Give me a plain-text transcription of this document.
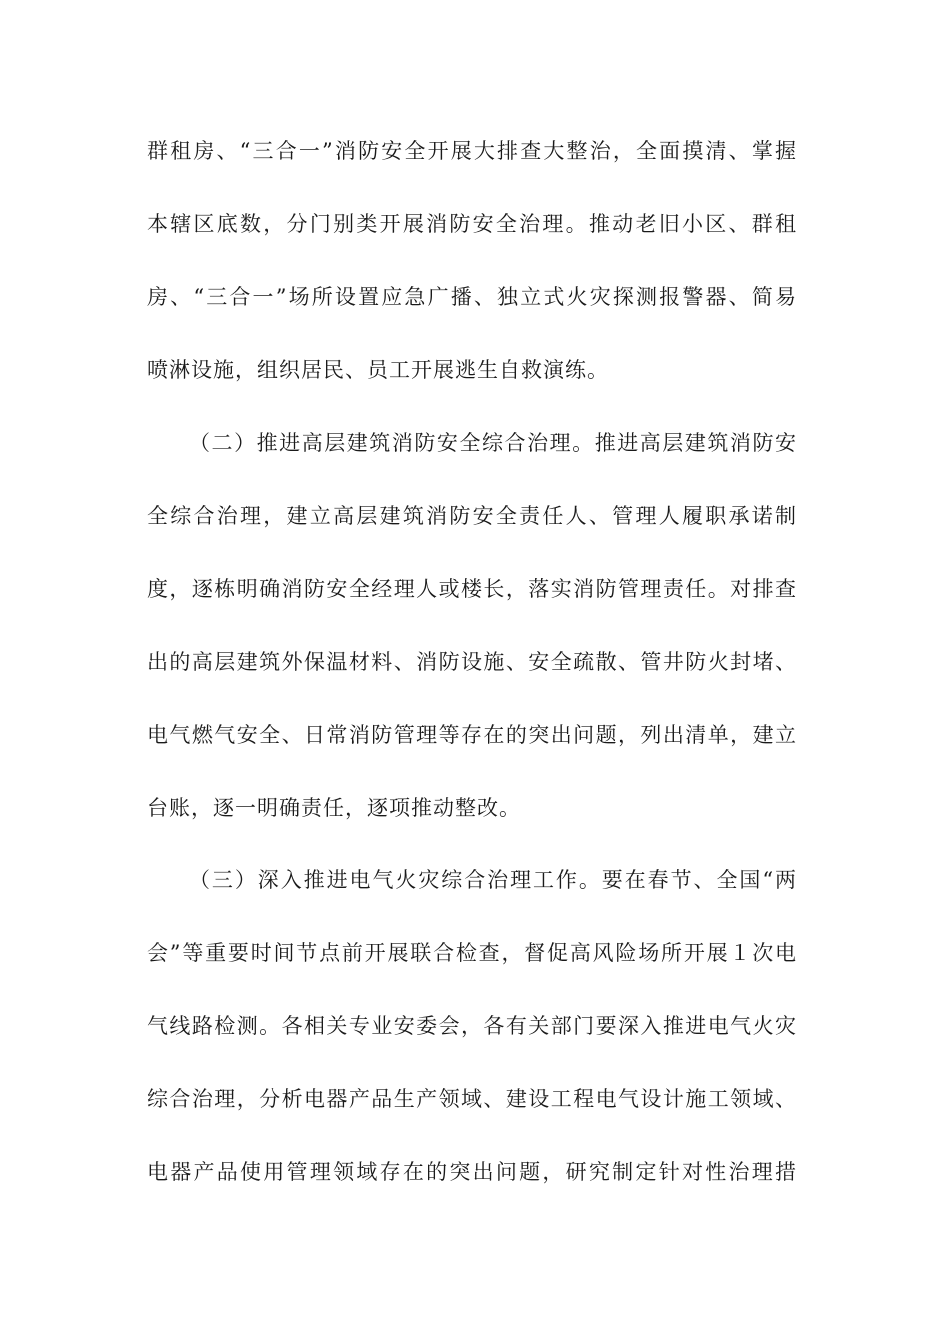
群租房、“三合一”消防安全开展大排查大整治，全面摸清、掌握
本辖区底数，分门别类开展消防安全治理。推动老旧小区、群租
房、“三合一”场所设置应急广播、独立式火灾探测报警器、简易
喷淋设施，组织居民、员工开展逃生自救演练。
（二）推进高层建筑消防安全综合治理。推进高层建筑消防安
全综合治理，建立高层建筑消防安全责任人、管理人履职承诺制
度，逐栋明确消防安全经理人或楼长，落实消防管理责任。对排查
出的高层建筑外保温材料、消防设施、安全疏散、管井防火封堵、
电气燃气安全、日常消防管理等存在的突出问题，列出清单，建立
台账，逐一明确责任，逐项推动整改。
（三）深入推进电气火灾综合治理工作。要在春节、全国“两
会”等重要时间节点前开展联合检查，督促高风险场所开展１次电
气线路检测。各相关专业安委会，各有关部门要深入推进电气火灾
综合治理，分析电器产品生产领域、建设工程电气设计施工领域、
电器产品使用管理领域存在的突出问题，研究制定针对性治理措
